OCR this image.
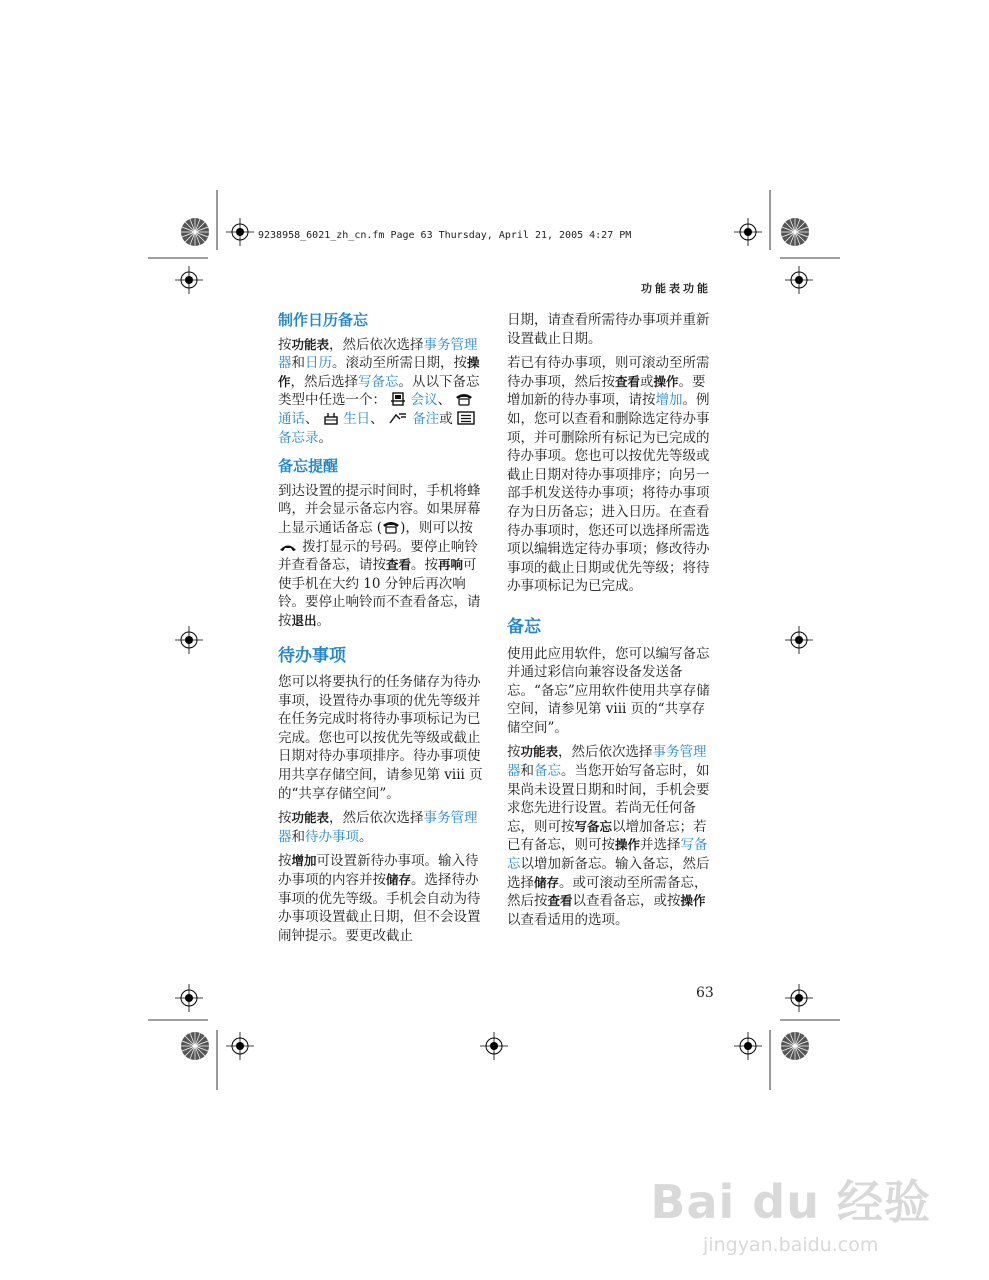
9238958_6021_zh_cn.fm Page 63 Thursday, April 21, 2005 4:27 PM
功能表功能
制作日历备忘

按功能表，然后依次选择事务管理器和日历。滚动至所需日期，按操作，然后选择写备忘。从以下备忘类型中任选一个： 会议、  通话、 生日、 备注或  备忘录。

备忘提醒

到达设置的提示时间时，手机将蜂鸣，并会显示备忘内容。如果屏幕上显示通话备忘 ( )，则可以按  拨打显示的号码。要停止响铃并查看备忘，请按查看。按再响可使手机在大约 10 分钟后再次响铃。要停止响铃而不查看备忘，请按退出。

待办事项

您可以将要执行的任务储存为待办事项，设置待办事项的优先等级并在任务完成时将待办事项标记为已完成。您也可以按优先等级或截止日期对待办事项排序。待办事项使用共享存储空间，请参见第 viii 页的“共享存储空间”。

按功能表，然后依次选择事务管理器和待办事项。

按增加可设置新待办事项。输入待办事项的内容并按储存。选择待办事项的优先等级。手机会自动为待办事项设置截止日期，但不会设置闹钟提示。要更改截止

日期，请查看所需待办事项并重新设置截止日期。

若已有待办事项，则可滚动至所需待办事项，然后按查看或操作。要增加新的待办事项，请按增加。例如，您可以查看和删除选定待办事项，并可删除所有标记为已完成的待办事项。您也可以按优先等级或截止日期对待办事项排序；向另一部手机发送待办事项；将待办事项存为日历备忘；进入日历。在查看待办事项时，您还可以选择所需选项以编辑选定待办事项；修改待办事项的截止日期或优先等级；将待办事项标记为已完成。

备忘

使用此应用软件，您可以编写备忘并通过彩信向兼容设备发送备忘。“备忘”应用软件使用共享存储空间，请参见第 viii 页的“共享存储空间”。

按功能表，然后依次选择事务管理器和备忘。当您开始写备忘时，如果尚未设置日期和时间，手机会要求您先进行设置。若尚无任何备忘，则可按写备忘以增加备忘；若已有备忘，则可按操作并选择写备忘以增加新备忘。输入备忘，然后选择储存。或可滚动至所需备忘，然后按查看以查看备忘，或按操作以查看适用的选项。

63
Bai du 经验
jingyan.baidu.com
